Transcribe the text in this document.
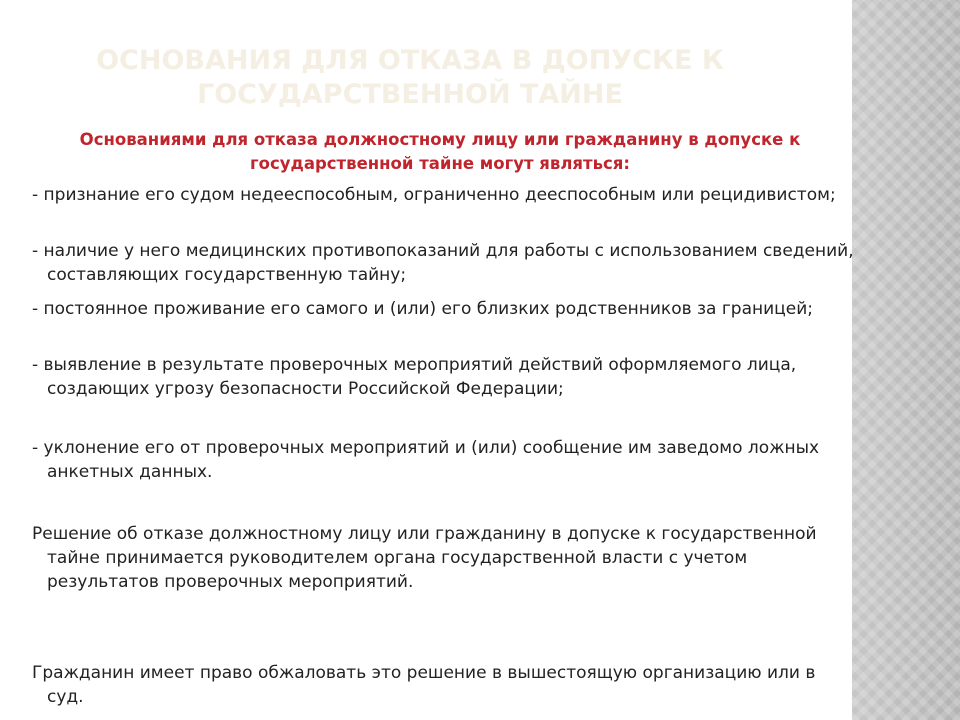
ОСНОВАНИЯ ДЛЯ ОТКАЗА В ДОПУСКЕ К ГОСУДАРСТВЕННОЙ ТАЙНЕ
Основаниями для отказа должностному лицу или гражданину в допуске к государственной тайне могут являться:
- признание его судом недееспособным, ограниченно дееспособным или рецидивистом;
- наличие у него медицинских противопоказаний для работы с использованием сведений, составляющих государственную тайну;
- постоянное проживание его самого и (или) его близких родственников за границей;
- выявление в результате проверочных мероприятий действий оформляемого лица, создающих угрозу безопасности Российской Федерации;
- уклонение его от проверочных мероприятий и (или) сообщение им заведомо ложных анкетных данных.
Решение об отказе должностному лицу или гражданину в допуске к государственной тайне принимается руководителем органа государственной власти с учетом результатов проверочных мероприятий.
Гражданин имеет право обжаловать это решение в вышестоящую организацию или в суд.
